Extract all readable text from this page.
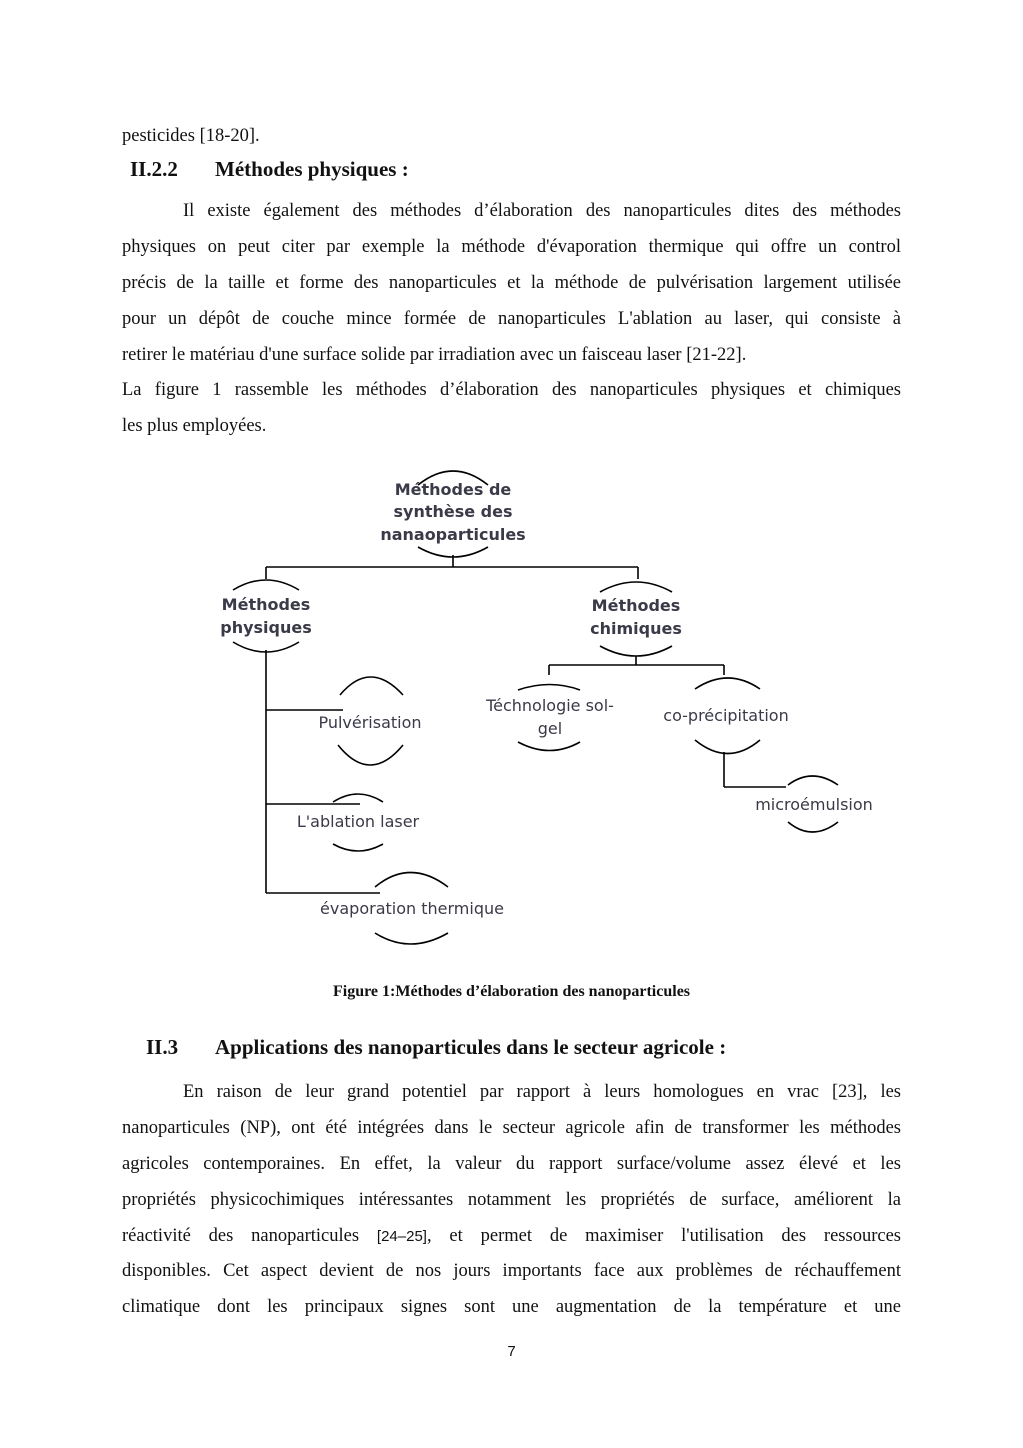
pesticides [18-20].
II.2.2 Méthodes physiques :
Il existe également des méthodes d’élaboration des nanoparticules dites des méthodes
physiques on peut citer par exemple la méthode d'évaporation thermique qui offre un control
précis de la taille et forme des nanoparticules et la méthode de pulvérisation largement utilisée
pour un dépôt de couche mince formée de nanoparticules L'ablation au laser, qui consiste à
retirer le matériau d'une surface solide par irradiation avec un faisceau laser [21-22].
La figure 1 rassemble les méthodes d’élaboration des nanoparticules physiques et chimiques
les plus employées.
Méthodes de
synthèse des
nanaoparticules
Méthodes
physiques
Méthodes
chimiques
Pulvérisation
L'ablation laser
évaporation thermique
Téchnologie sol-
gel
co-précipitation
microémulsion
Figure 1:Méthodes d’élaboration des nanoparticules
II.3 Applications des nanoparticules dans le secteur agricole :
En raison de leur grand potentiel par rapport à leurs homologues en vrac [23], les
nanoparticules (NP), ont été intégrées dans le secteur agricole afin de transformer les méthodes
agricoles contemporaines. En effet, la valeur du rapport surface/volume assez élevé et les
propriétés physicochimiques intéressantes notamment les propriétés de surface, améliorent la
réactivité des nanoparticules [24–25], et permet de maximiser l'utilisation des ressources
disponibles. Cet aspect devient de nos jours importants face aux problèmes de réchauffement
climatique dont les principaux signes sont une augmentation de la température et une
7
